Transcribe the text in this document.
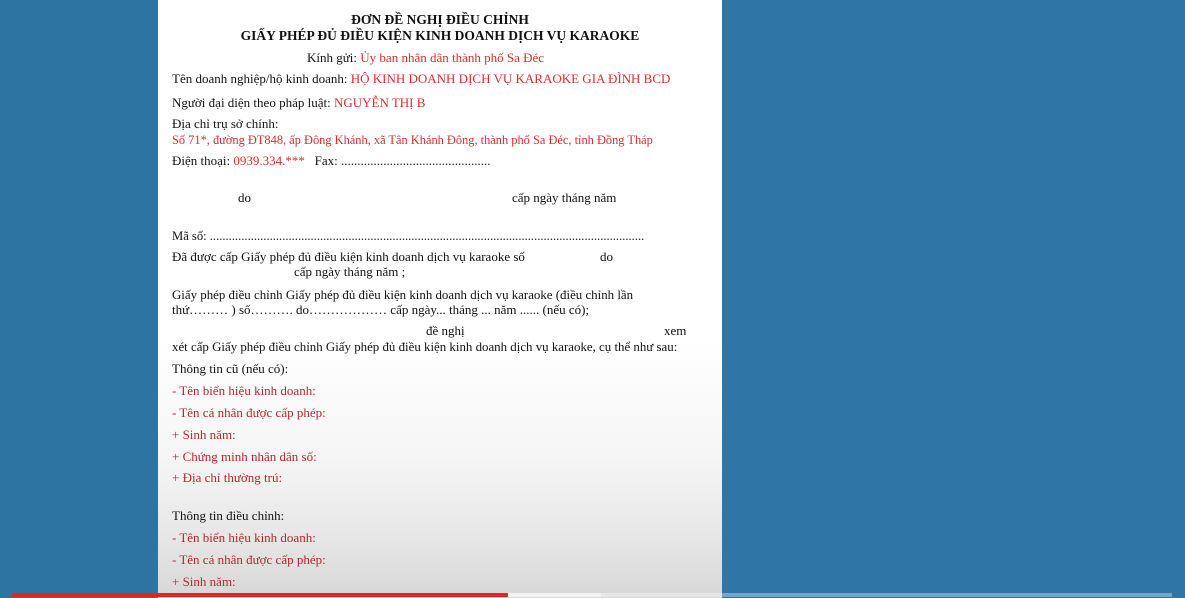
ĐƠN ĐỀ NGHỊ ĐIỀU CHỈNH
GIẤY PHÉP ĐỦ ĐIỀU KIỆN KINH DOANH DỊCH VỤ KARAOKE
Kính gửi: Ủy ban nhân dân thành phố Sa Đéc
Tên doanh nghiệp/hộ kinh doanh: HỘ KINH DOANH DỊCH VỤ KARAOKE GIA ĐÌNH BCD
Người đại diện theo pháp luật: NGUYỄN THỊ B
Địa chỉ trụ sở chính:
Số 71*, đường ĐT848, ấp Đông Khánh, xã Tân Khánh Đông, thành phố Sa Đéc, tỉnh Đồng Tháp
Điện thoại: 0939.334.*** Fax: ..............................................
do	cấp ngày tháng năm
Mã số: ..........................................................................................................................................
Đã được cấp Giấy phép đủ điều kiện kinh doanh dịch vụ karaoke số	do
cấp ngày tháng năm ;
Giấy phép điều chỉnh Giấy phép đủ điều kiện kinh doanh dịch vụ karaoke (điều chỉnh lần
thứ……… ) số………. do……………… cấp ngày... tháng ... năm ...... (nếu có);
đề nghị	xem
xét cấp Giấy phép điều chỉnh Giấy phép đủ điều kiện kinh doanh dịch vụ karaoke, cụ thể như sau:
Thông tin cũ (nếu có):
- Tên biển hiệu kinh doanh:
- Tên cá nhân được cấp phép:
+ Sinh năm:
+ Chứng minh nhân dân số:
+ Địa chỉ thường trú:
Thông tin điều chỉnh:
- Tên biển hiệu kinh doanh:
- Tên cá nhân được cấp phép:
+ Sinh năm:
